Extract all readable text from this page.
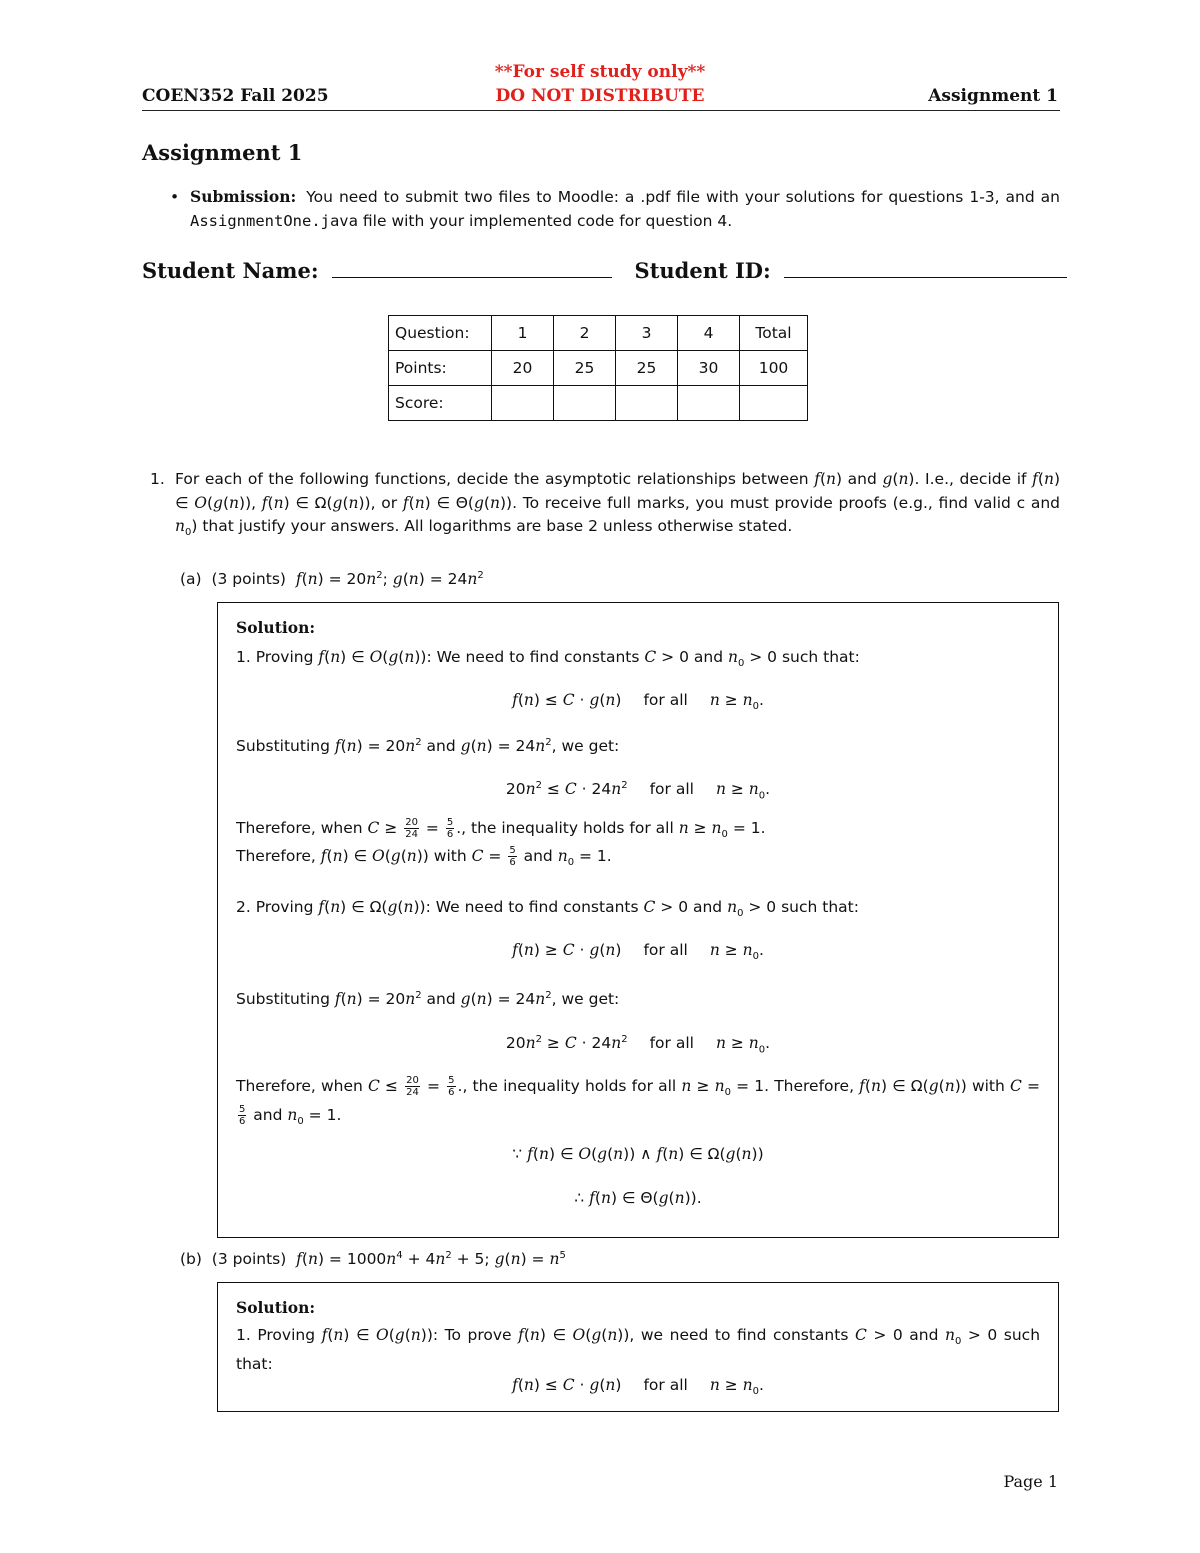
**For self study only**
DO NOT DISTRIBUTE
COEN352 Fall 2025	Assignment 1
Assignment 1
• Submission: You need to submit two files to Moodle: a .pdf file with your solutions for questions 1-3, and an AssignmentOne.java file with your implemented code for question 4.
Student Name:	Student ID:
Question:	1	2	3	4	Total
Points:	20	25	25	30	100
Score:					
1. For each of the following functions, decide the asymptotic relationships between f(n) and g(n). I.e., decide if f(n) ∈ O(g(n)), f(n) ∈ Ω(g(n)), or f(n) ∈ Θ(g(n)). To receive full marks, you must provide proofs (e.g., find valid c and $n_0$) that justify your answers. All logarithms are base 2 unless otherwise stated.
(a) (3 points) $f(n) = 20n^2$; $g(n) = 24n^2$
Solution:
1. Proving f(n) ∈ O(g(n)): We need to find constants C > 0 and $n_0 > 0$ such that:
f(n) ≤ C · g(n) for all $n \ge n_0$.
Substituting $f(n) = 20n^2$ and $g(n) = 24n^2$, we get:
$20n^2 \le C \cdot 24n^2$ for all $n \ge n_0$.
Therefore, when $C \ge \frac{20}{24} = \frac{5}{6}$ ., the inequality holds for all $n \ge n_0 = 1$.
Therefore, f(n) ∈ O(g(n)) with $C = \frac{5}{6}$ and $n_0 = 1$.
2. Proving f(n) ∈ Ω(g(n)): We need to find constants C > 0 and $n_0 > 0$ such that:
f(n) ≥ C · g(n) for all $n \ge n_0$.
Substituting $f(n) = 20n^2$ and $g(n) = 24n^2$, we get:
$20n^2 \ge C \cdot 24n^2$ for all $n \ge n_0$.
Therefore, when $C \le \frac{20}{24} = \frac{5}{6}$ ., the inequality holds for all $n \ge n_0 = 1$. Therefore, f(n) ∈ Ω(g(n)) with C =
$\frac{5}{6}$ and $n_0 = 1$.
∵ f(n) ∈ O(g(n)) ∧ f(n) ∈ Ω(g(n))
∴ f(n) ∈ Θ(g(n)).
(b) (3 points) $f(n) = 1000n^4 + 4n^2 + 5$; $g(n) = n^5$
Solution:
1. Proving f(n) ∈ O(g(n)): To prove f(n) ∈ O(g(n)), we need to find constants C > 0 and $n_0 > 0$ such that:
f(n) ≤ C · g(n) for all $n \ge n_0$.
Page 1
